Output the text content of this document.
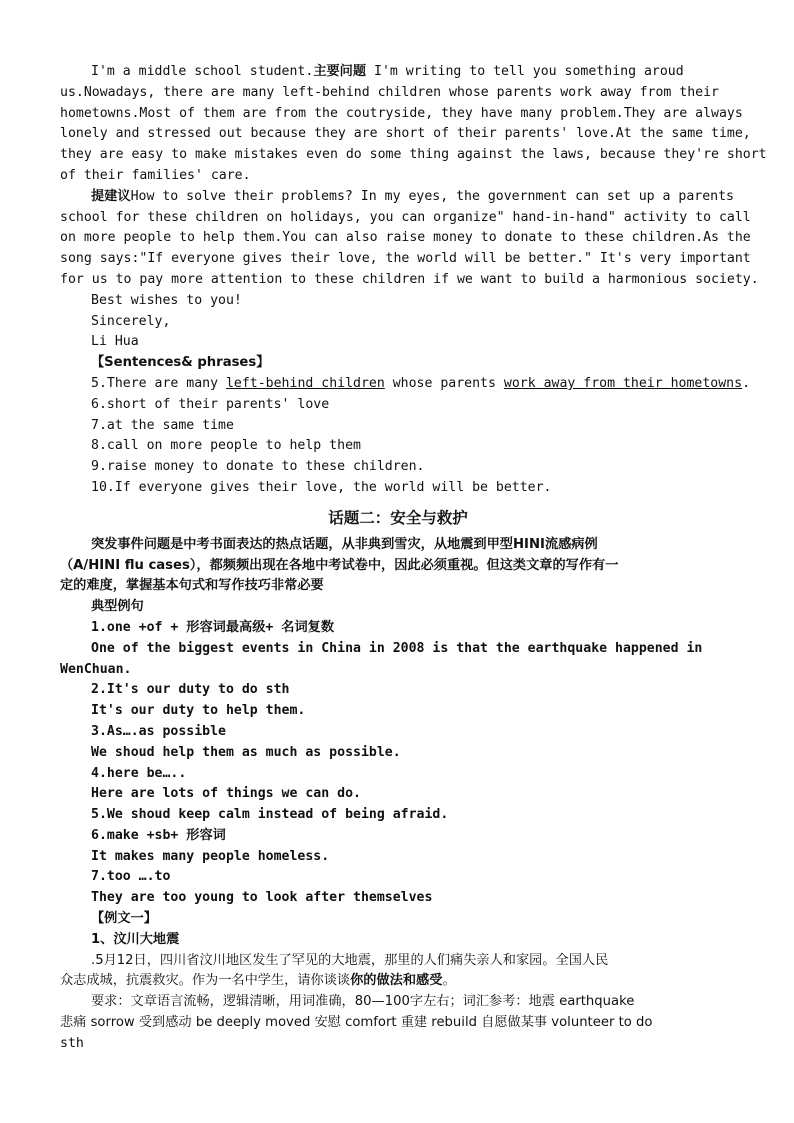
I'm a middle school student.主要问题 I'm writing to tell you something aroud
us.Nowadays, there are many left-behind children whose parents work away from their
hometowns.Most of them are from the coutryside, they have many problem.They are always
lonely and stressed out because they are short of their parents' love.At the same time,
they are easy to make mistakes even do some thing against the laws, because they're short
of their families' care.
提建议How to solve their problems? In my eyes, the government can set up a parents
school for these children on holidays, you can organize" hand-in-hand" activity to call
on more people to help them.You can also raise money to donate to these children.As the
song says:"If everyone gives their love, the world will be better." It's very important
for us to pay more attention to these children if we want to build a harmonious society.
Best wishes to you!
Sincerely,
Li Hua
【Sentences& phrases】
5.There are many left-behind children whose parents work away from their hometowns.
6.short of their parents' love
7.at the same time
8.call on more people to help them
9.raise money to donate to these children.
10.If everyone gives their love, the world will be better.
话题二：安全与救护
突发事件问题是中考书面表达的热点话题，从非典到雪灾，从地震到甲型HINI流感病例
（A/HINI flu cases），都频频出现在各地中考试卷中，因此必须重视。但这类文章的写作有一
定的难度，掌握基本句式和写作技巧非常必要
典型例句
1.one +of + 形容词最高级+ 名词复数
One of the biggest events in China in 2008 is that the earthquake happened in
WenChuan.
2.It's our duty to do sth
It's our duty to help them.
3.As….as possible
We shoud help them as much as possible.
4.here be…..
Here are lots of things we can do.
5.We shoud keep calm instead of being afraid.
6.make +sb+ 形容词
It makes many people homeless.
7.too ….to
They are too young to look after themselves
【例文一】
1、汶川大地震
.5月12日，四川省汶川地区发生了罕见的大地震，那里的人们痛失亲人和家园。全国人民
众志成城，抗震救灾。作为一名中学生，请你谈谈你的做法和感受。
要求：文章语言流畅，逻辑清晰，用词准确，80—100字左右；词汇参考：地震 earthquake
悲痛 sorrow 受到感动 be deeply moved 安慰 comfort 重建 rebuild 自愿做某事 volunteer to do
sth
